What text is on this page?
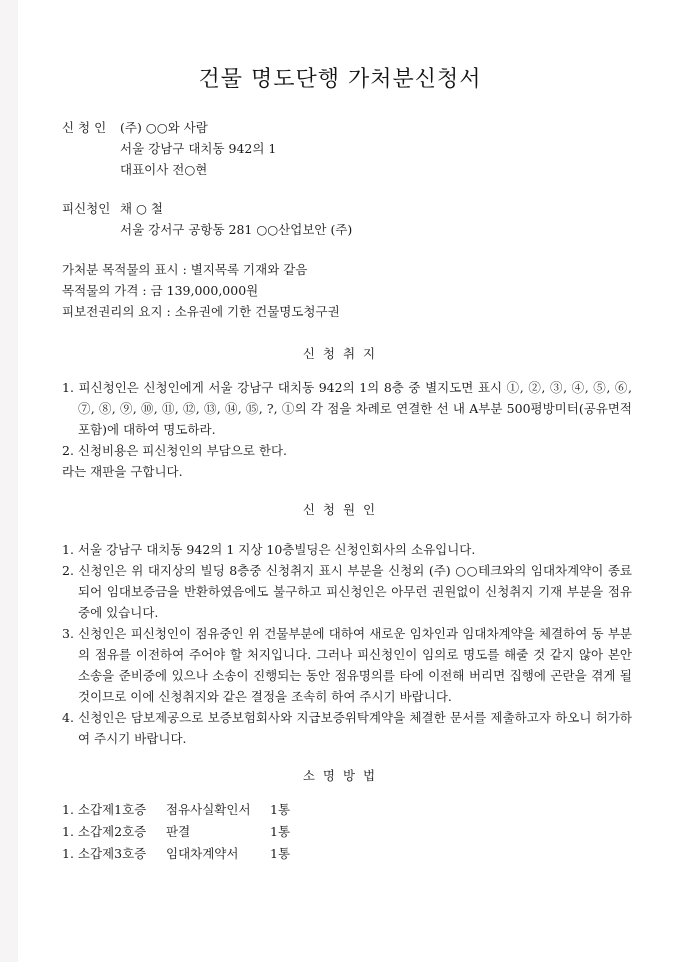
건물 명도단행 가처분신청서
신 청 인 (주) ○○와 사람
서울 강남구 대치동 942의 1
대표이사 전○현
피신청인 채 ○ 철
서울 강서구 공항동 281 ○○산업보안 (주)
가처분 목적물의 표시 : 별지목록 기재와 같음
목적물의 가격 : 금 139,000,000원
피보전권리의 요지 : 소유권에 기한 건물명도청구권
신 청 취 지
1. 피신청인은 신청인에게 서울 강남구 대치동 942의 1의 8층 중 별지도면 표시 ①, ②, ③, ④, ⑤, ⑥, ⑦, ⑧, ⑨, ⑩, ⑪, ⑫, ⑬, ⑭, ⑮, ?, ①의 각 점을 차례로 연결한 선 내 A부분 500평방미터(공유면적 포함)에 대하여 명도하라.
2. 신청비용은 피신청인의 부담으로 한다.
라는 재판을 구합니다.
신 청 원 인
1. 서울 강남구 대치동 942의 1 지상 10층빌딩은 신청인회사의 소유입니다.
2. 신청인은 위 대지상의 빌딩 8층중 신청취지 표시 부분을 신청외 (주) ○○테크와의 임대차계약이 종료되어 임대보증금을 반환하였음에도 불구하고 피신청인은 아무런 권원없이 신청취지 기재 부분을 점유중에 있습니다.
3. 신청인은 피신청인이 점유중인 위 건물부분에 대하여 새로운 임차인과 임대차계약을 체결하여 동 부분의 점유를 이전하여 주어야 할 처지입니다. 그러나 피신청인이 임의로 명도를 해줄 것 같지 않아 본안소송을 준비중에 있으나 소송이 진행되는 동안 점유명의를 타에 이전해 버리면 집행에 곤란을 겪게 될 것이므로 이에 신청취지와 같은 결정을 조속히 하여 주시기 바랍니다.
4. 신청인은 담보제공으로 보증보험회사와 지급보증위탁계약을 체결한 문서를 제출하고자 하오니 허가하여 주시기 바랍니다.
소 명 방 법
1. 소갑제1호증	점유사실확인서	1통
1. 소갑제2호증	판결	1통
1. 소갑제3호증	임대차계약서	1통
